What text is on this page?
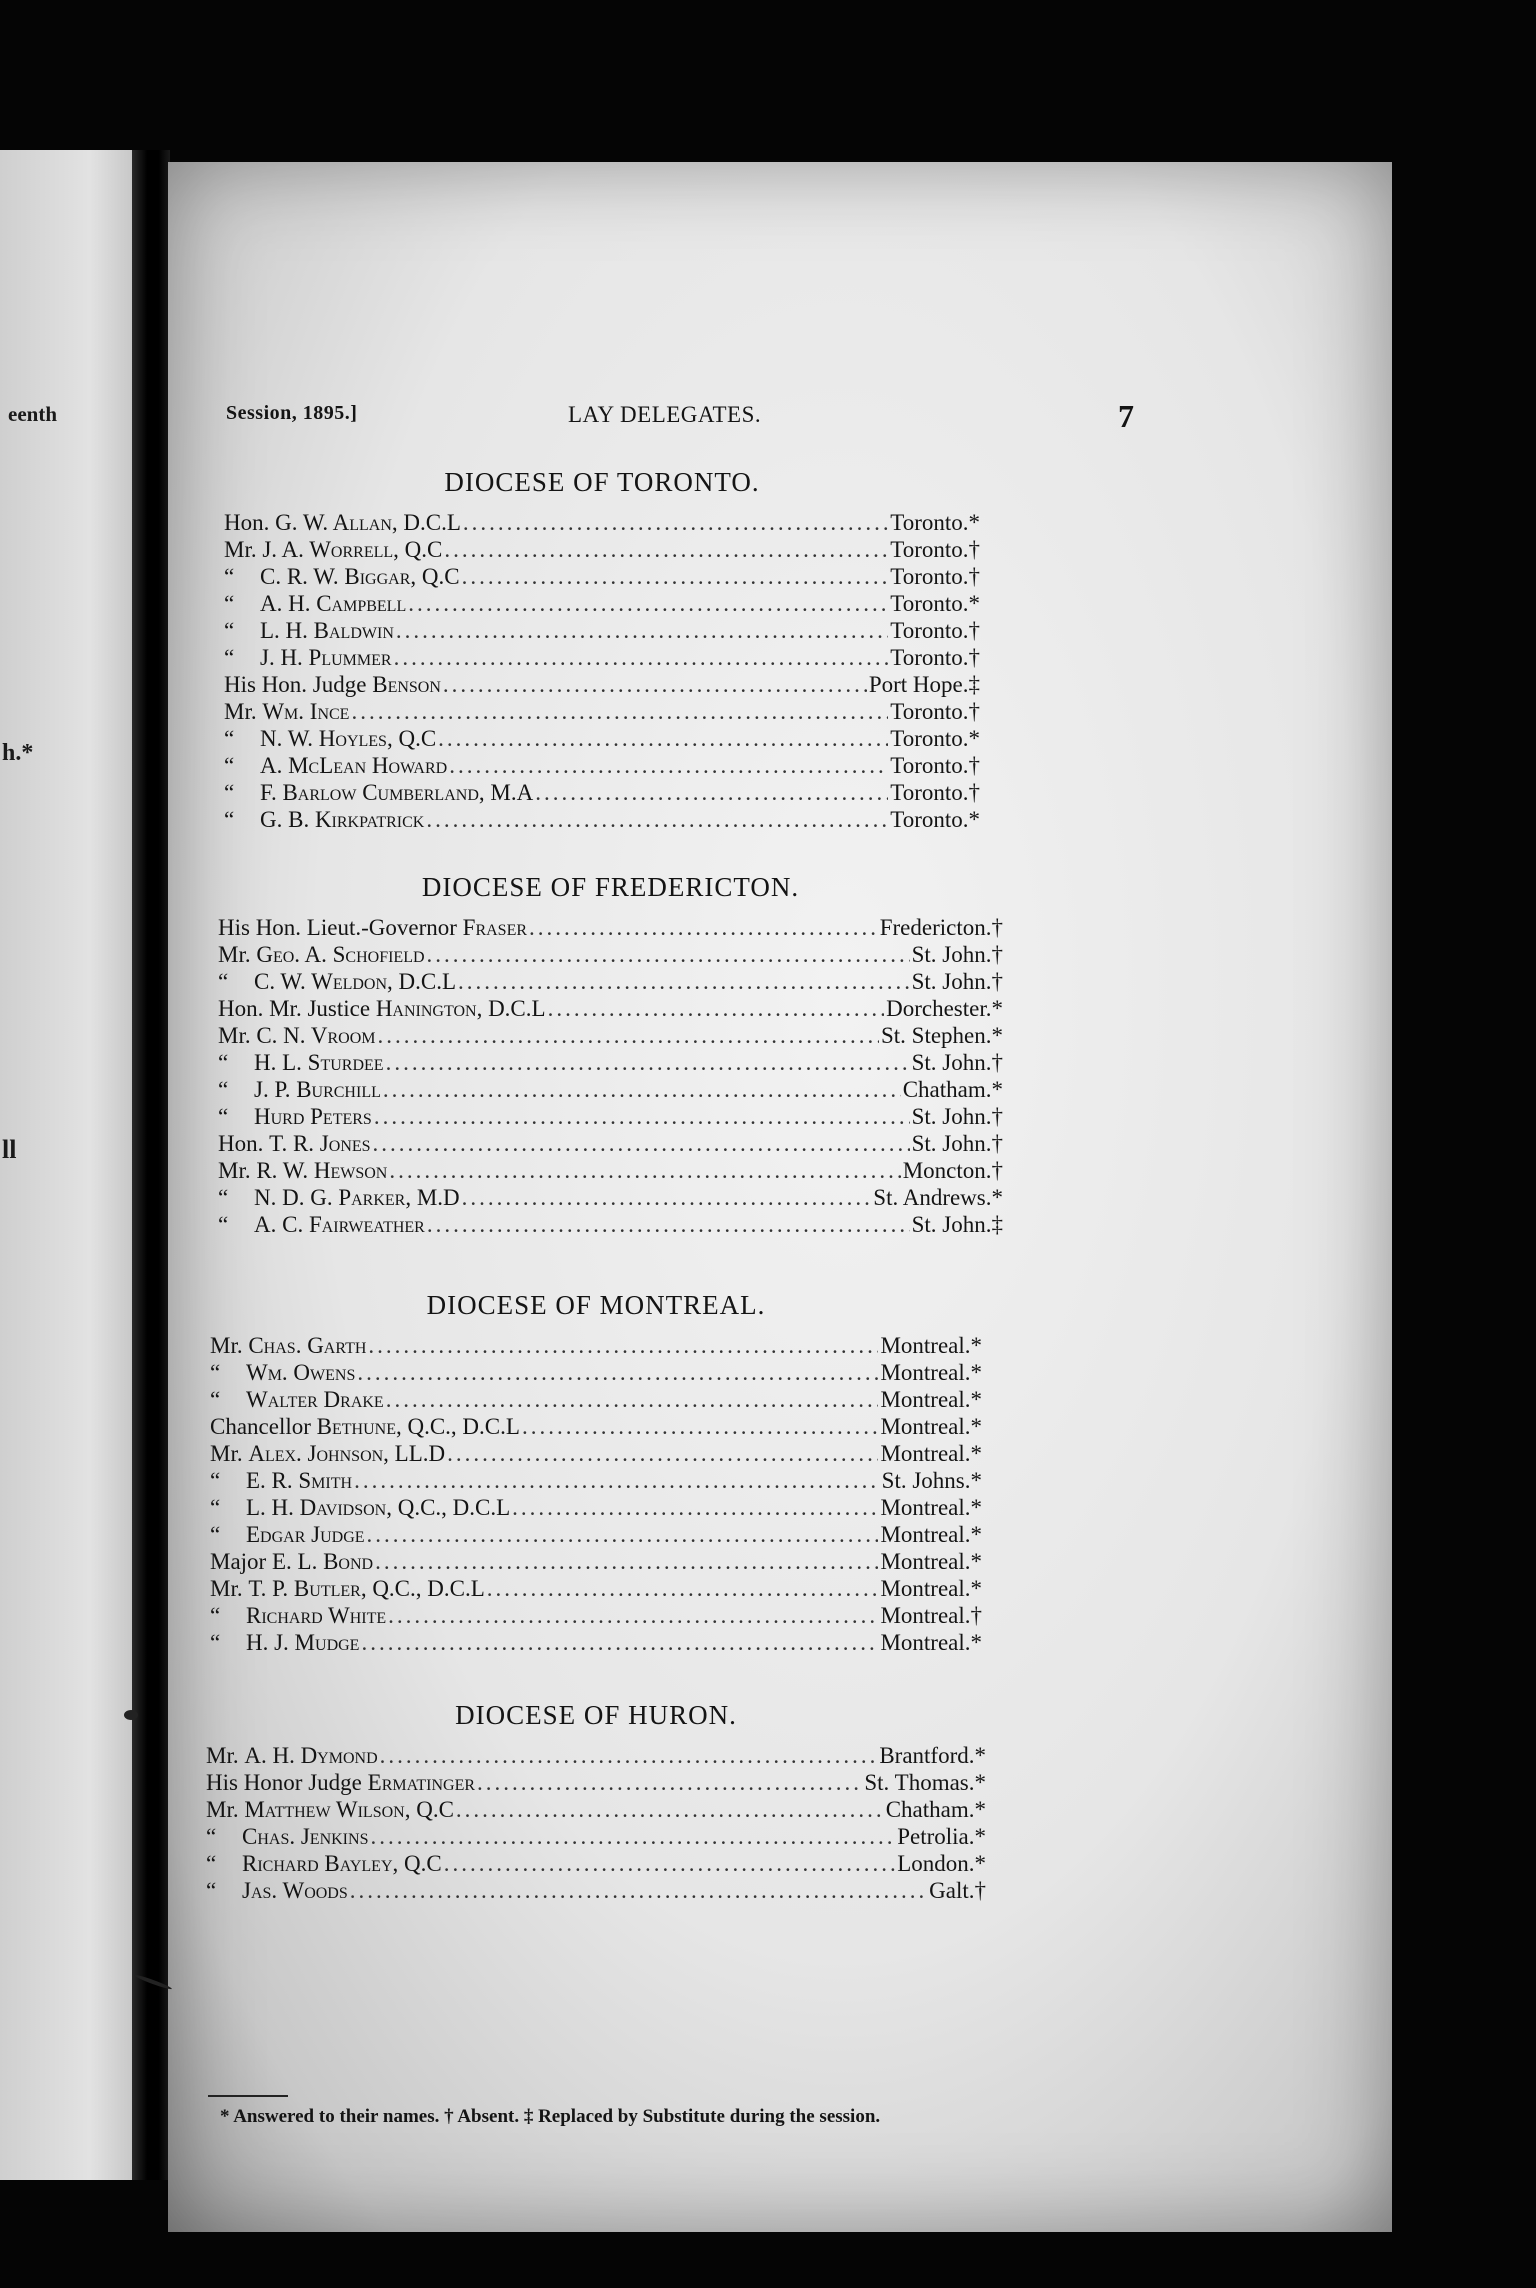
eenth
h.*
ll
Session, 1895.]	LAY DELEGATES.	7
DIOCESE OF TORONTO.
Hon. G. W. Allan, D.C.L .....	Toronto.*
Mr. J. A. Worrell, Q.C .....	Toronto.†
“ C. R. W. Biggar, Q.C .....	Toronto.†
“ A. H. Campbell .....	Toronto.*
“ L. H. Baldwin .....	Toronto.†
“ J. H. Plummer .....	Toronto.†
His Hon. Judge Benson .....	Port Hope.‡
Mr. Wm. Ince .....	Toronto.†
“ N. W. Hoyles, Q.C .....	Toronto.*
“ A. McLean Howard .....	Toronto.†
“ F. Barlow Cumberland, M.A .....	Toronto.†
“ G. B. Kirkpatrick .....	Toronto.*
DIOCESE OF FREDERICTON.
His Hon. Lieut.-Governor Fraser .....	Fredericton.†
Mr. Geo. A. Schofield .....	St. John.†
“ C. W. Weldon, D.C.L .....	St. John.†
Hon. Mr. Justice Hanington, D.C.L .....	Dorchester.*
Mr. C. N. Vroom .....	St. Stephen.*
“ H. L. Sturdee .....	St. John.†
“ J. P. Burchill .....	Chatham.*
“ Hurd Peters .....	St. John.†
Hon. T. R. Jones .....	St. John.†
Mr. R. W. Hewson .....	Moncton.†
“ N. D. G. Parker, M.D .....	St. Andrews.*
“ A. C. Fairweather .....	St. John.‡
DIOCESE OF MONTREAL.
Mr. Chas. Garth .....	Montreal.*
“ Wm. Owens .....	Montreal.*
“ Walter Drake .....	Montreal.*
Chancellor Bethune, Q.C., D.C.L .....	Montreal.*
Mr. Alex. Johnson, LL.D .....	Montreal.*
“ E. R. Smith .....	St. Johns.*
“ L. H. Davidson, Q.C., D.C.L .....	Montreal.*
“ Edgar Judge .....	Montreal.*
Major E. L. Bond .....	Montreal.*
Mr. T. P. Butler, Q.C., D.C.L .....	Montreal.*
“ Richard White .....	Montreal.†
“ H. J. Mudge .....	Montreal.*
DIOCESE OF HURON.
Mr. A. H. Dymond .....	Brantford.*
His Honor Judge Ermatinger .....	St. Thomas.*
Mr. Matthew Wilson, Q.C .....	Chatham.*
“ Chas. Jenkins .....	Petrolia.*
“ Richard Bayley, Q.C .....	London.*
“ Jas. Woods .....	Galt.†
* Answered to their names. † Absent. ‡ Replaced by Substitute during the session.
